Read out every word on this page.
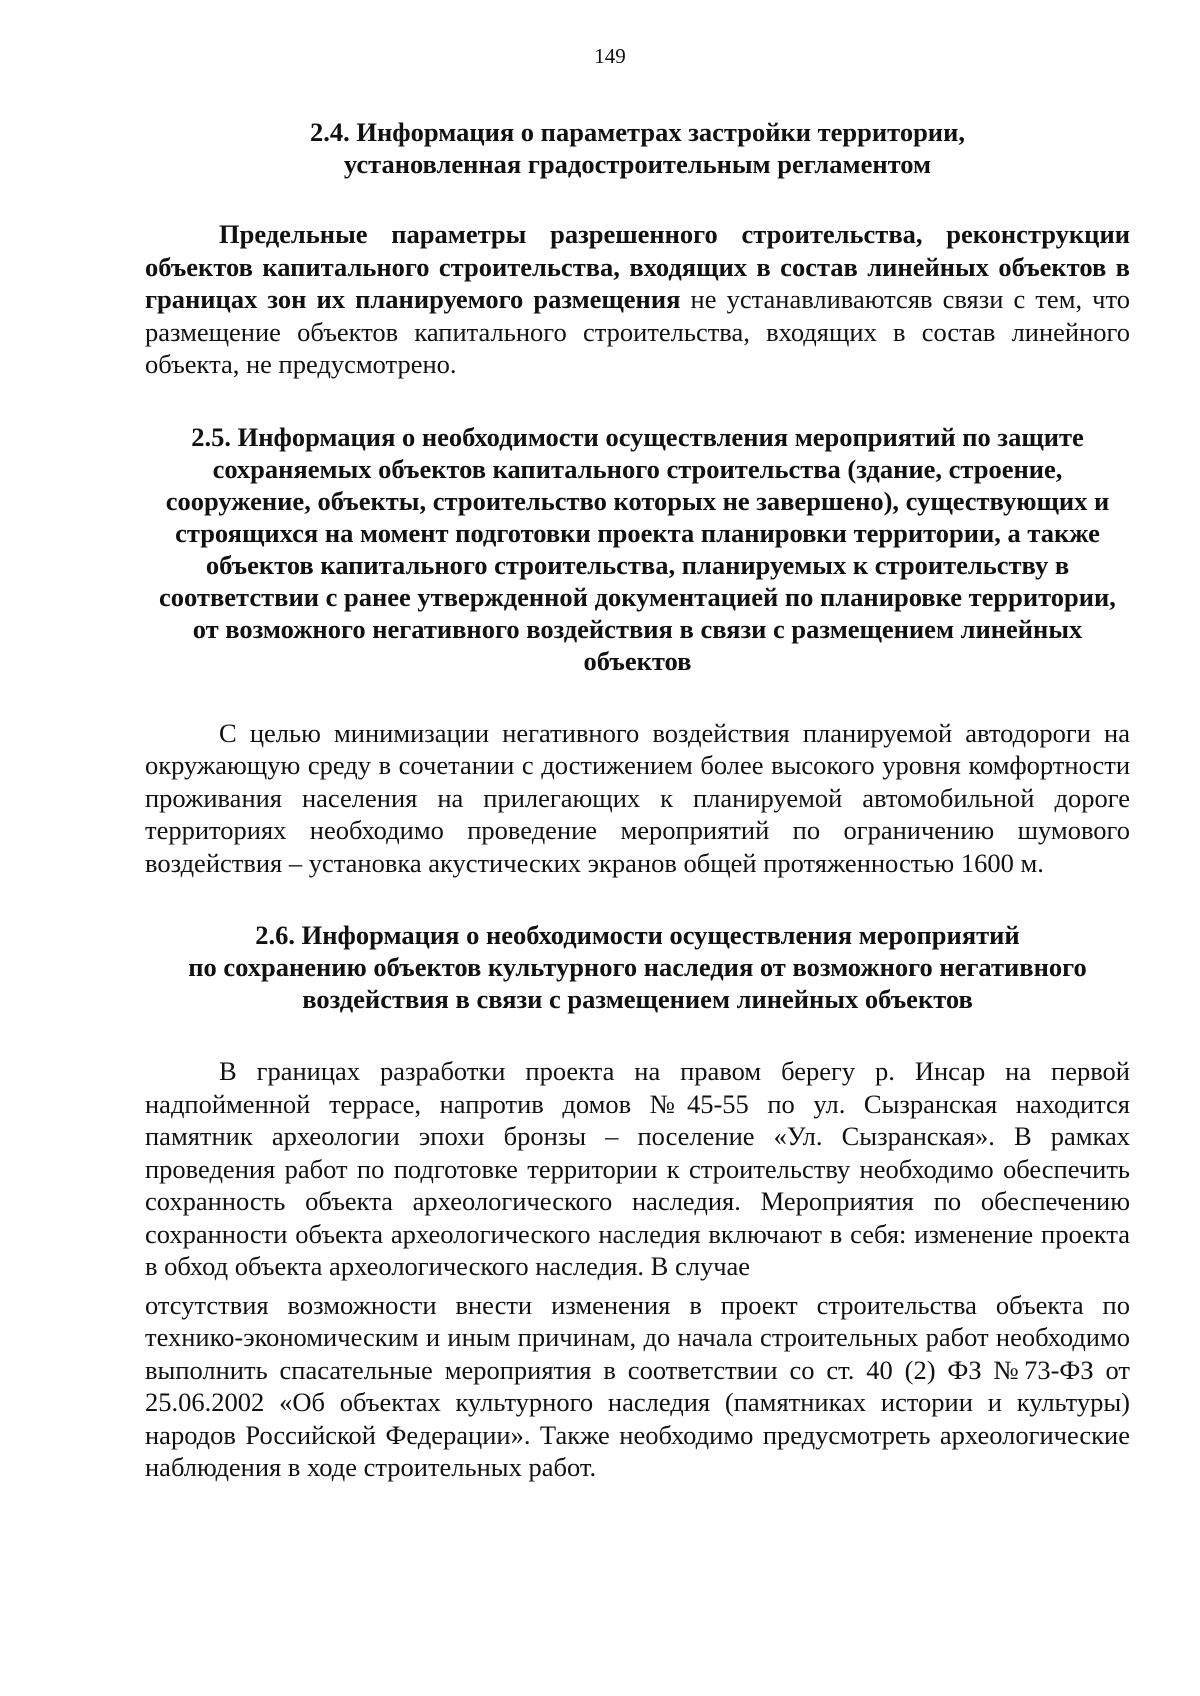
149

2.4. Информация о параметрах застройки территории,
установленная градостроительным регламентом

Предельные параметры разрешенного строительства, реконструкции объектов капитального строительства, входящих в состав линейных объектов в границах зон их планируемого размещения не устанавливаютсяв связи с тем, что размещение объектов капитального строительства, входящих в состав линейного объекта, не предусмотрено.

2.5. Информация о необходимости осуществления мероприятий по защите сохраняемых объектов капитального строительства (здание, строение, сооружение, объекты, строительство которых не завершено), существующих и строящихся на момент подготовки проекта планировки территории, а также объектов капитального строительства, планируемых к строительству в соответствии с ранее утвержденной документацией по планировке территории, от возможного негативного воздействия в связи с размещением линейных объектов

С целью минимизации негативного воздействия планируемой автодороги на окружающую среду в сочетании с достижением более высокого уровня комфортности проживания населения на прилегающих к планируемой автомобильной дороге территориях необходимо проведение мероприятий по ограничению шумового воздействия – установка акустических экранов общей протяженностью 1600 м.

2.6. Информация о необходимости осуществления мероприятий
по сохранению объектов культурного наследия от возможного негативного
воздействия в связи с размещением линейных объектов

В границах разработки проекта на правом берегу р. Инсар на первой надпойменной террасе, напротив домов №45-55 по ул. Сызранская находится памятник археологии эпохи бронзы – поселение «Ул. Сызранская». В рамках проведения работ по подготовке территории к строительству необходимо обеспечить сохранность объекта археологического наследия. Мероприятия по обеспечению сохранности объекта археологического наследия включают в себя: изменение проекта в обход объекта археологического наследия. В случае

отсутствия возможности внести изменения в проект строительства объекта по технико-экономическим и иным причинам, до начала строительных работ необходимо выполнить спасательные мероприятия в соответствии со ст. 40 (2) ФЗ №73-ФЗ от 25.06.2002 «Об объектах культурного наследия (памятниках истории и культуры) народов Российской Федерации». Также необходимо предусмотреть археологические наблюдения в ходе строительных работ.
